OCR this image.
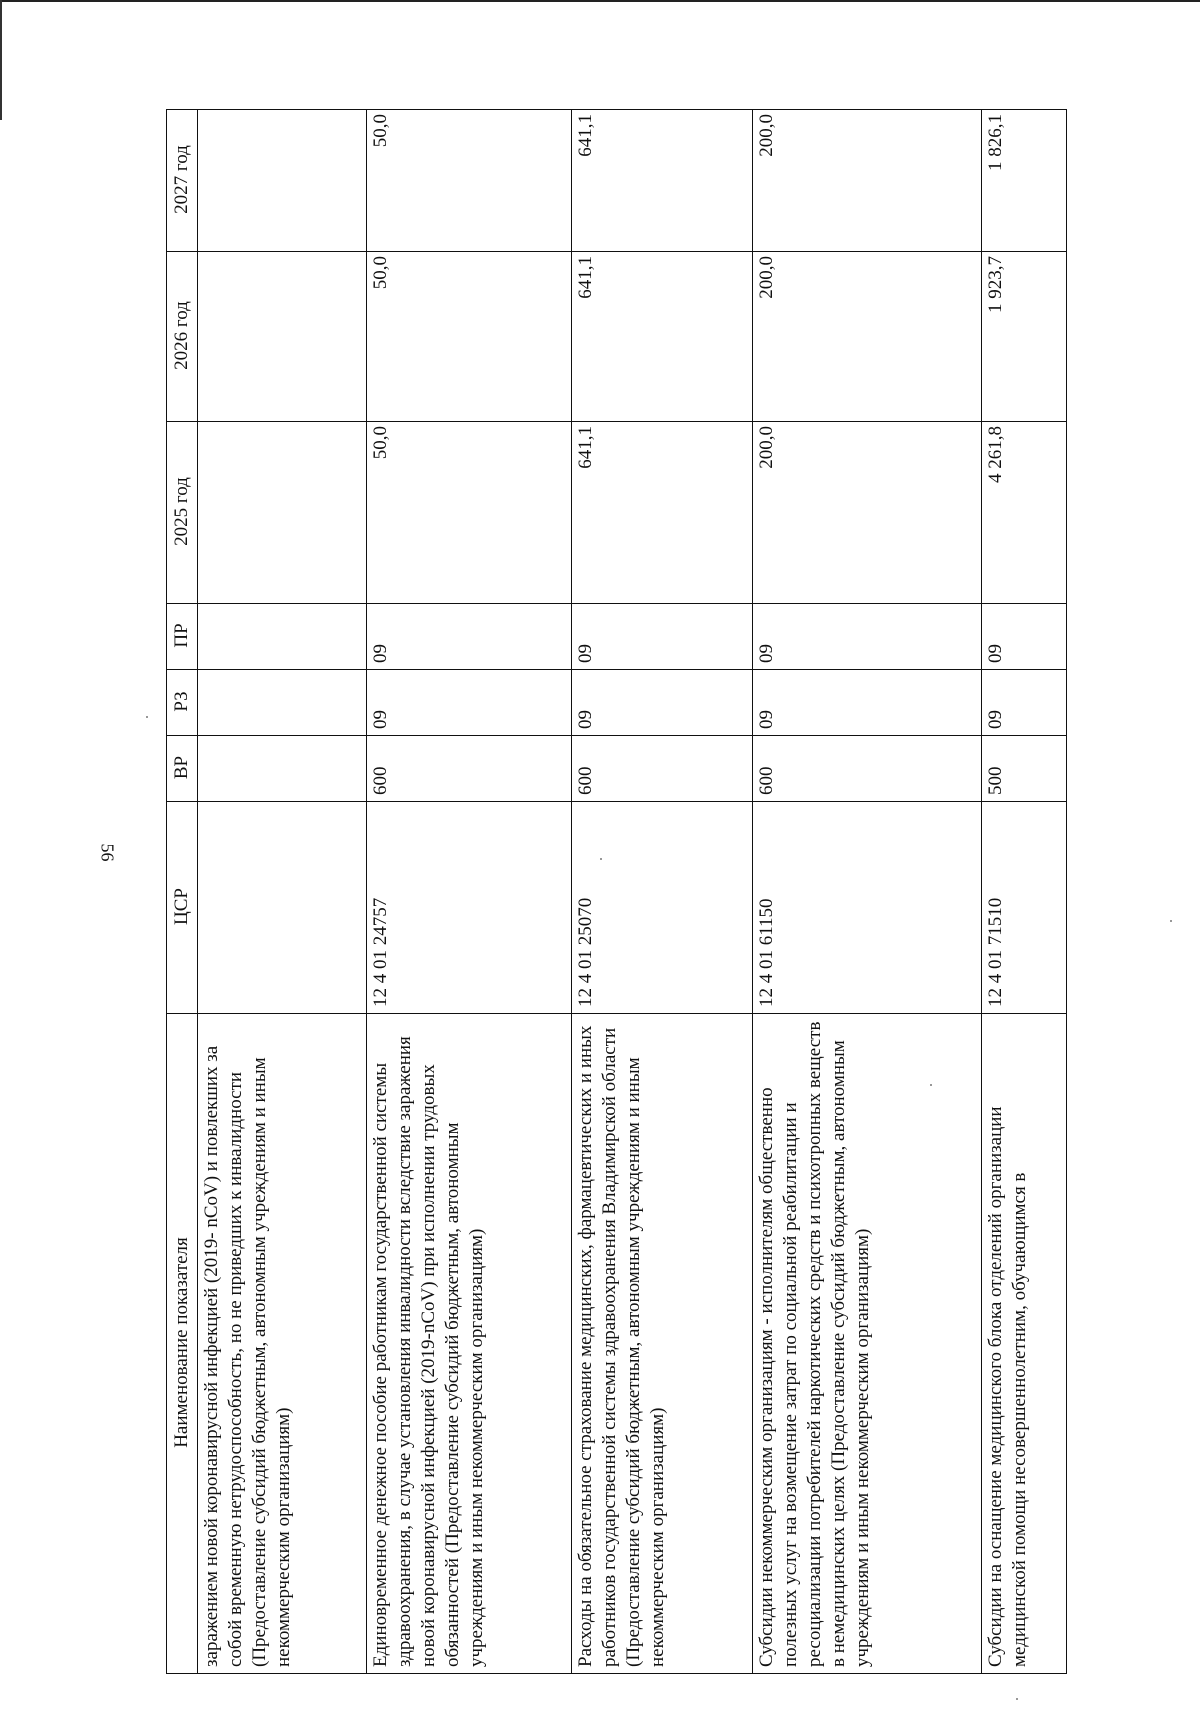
56
Наименование показателя	ЦСР	ВР	РЗ	ПР	2025 год	2026 год	2027 год
заражением новой коронавирусной инфекцией (2019- nCoV) и повлекших за собой временную нетрудоспособность, но не приведших к инвалидности (Предоставление субсидий бюджетным, автономным учреждениям и иным некоммерческим организациям)							
Единовременное денежное пособие работникам государственной системы здравоохранения, в случае установления инвалидности вследствие заражения новой коронавирусной инфекцией (2019-nCoV) при исполнении трудовых обязанностей (Предоставление субсидий бюджетным, автономным учреждениям и иным некоммерческим организациям)	12 4 01 24757	600	09	09	50,0	50,0	50,0
Расходы на обязательное страхование медицинских, фармацевтических и иных работников государственной системы здравоохранения Владимирской области (Предоставление субсидий бюджетным, автономным учреждениям и иным некоммерческим организациям)	12 4 01 25070	600	09	09	641,1	641,1	641,1
Субсидии некоммерческим организациям - исполнителям общественно полезных услуг на возмещение затрат по социальной реабилитации и ресоциализации потребителей наркотических средств и психотропных веществ в немедицинских целях (Предоставление субсидий бюджетным, автономным учреждениям и иным некоммерческим организациям)	12 4 01 61150	600	09	09	200,0	200,0	200,0
Субсидии на оснащение медицинского блока отделений организации медицинской помощи несовершеннолетним, обучающимся в	12 4 01 71510	500	09	09	4 261,8	1 923,7	1 826,1
